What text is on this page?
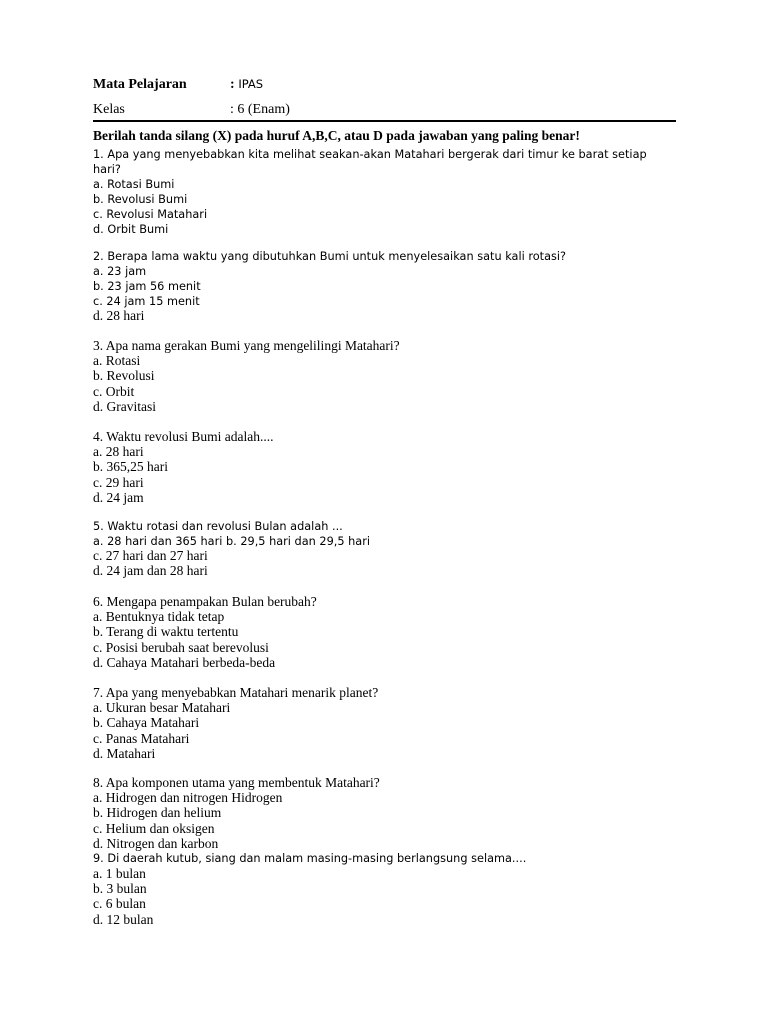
Mata Pelajaran	: IPAS
Kelas	: 6 (Enam)
Berilah tanda silang (X) pada huruf A,B,C, atau D pada jawaban yang paling benar!
1. Apa yang menyebabkan kita melihat seakan-akan Matahari bergerak dari timur ke barat setiap
hari?
a. Rotasi Bumi
b. Revolusi Bumi
c. Revolusi Matahari
d. Orbit Bumi
2. Berapa lama waktu yang dibutuhkan Bumi untuk menyelesaikan satu kali rotasi?
a. 23 jam
b. 23 jam 56 menit
c. 24 jam 15 menit
d. 28 hari
3. Apa nama gerakan Bumi yang mengelilingi Matahari?
a. Rotasi
b. Revolusi
c. Orbit
d. Gravitasi
4. Waktu revolusi Bumi adalah....
a. 28 hari
b. 365,25 hari
c. 29 hari
d. 24 jam
5. Waktu rotasi dan revolusi Bulan adalah ...
a. 28 hari dan 365 hari b. 29,5 hari dan 29,5 hari
c. 27 hari dan 27 hari
d. 24 jam dan 28 hari
6. Mengapa penampakan Bulan berubah?
a. Bentuknya tidak tetap
b. Terang di waktu tertentu
c. Posisi berubah saat berevolusi
d. Cahaya Matahari berbeda-beda
7. Apa yang menyebabkan Matahari menarik planet?
a. Ukuran besar Matahari
b. Cahaya Matahari
c. Panas Matahari
d. Matahari
8. Apa komponen utama yang membentuk Matahari?
a. Hidrogen dan nitrogen Hidrogen
b. Hidrogen dan helium
c. Helium dan oksigen
d. Nitrogen dan karbon
9. Di daerah kutub, siang dan malam masing-masing berlangsung selama....
a. 1 bulan
b. 3 bulan
c. 6 bulan
d. 12 bulan
